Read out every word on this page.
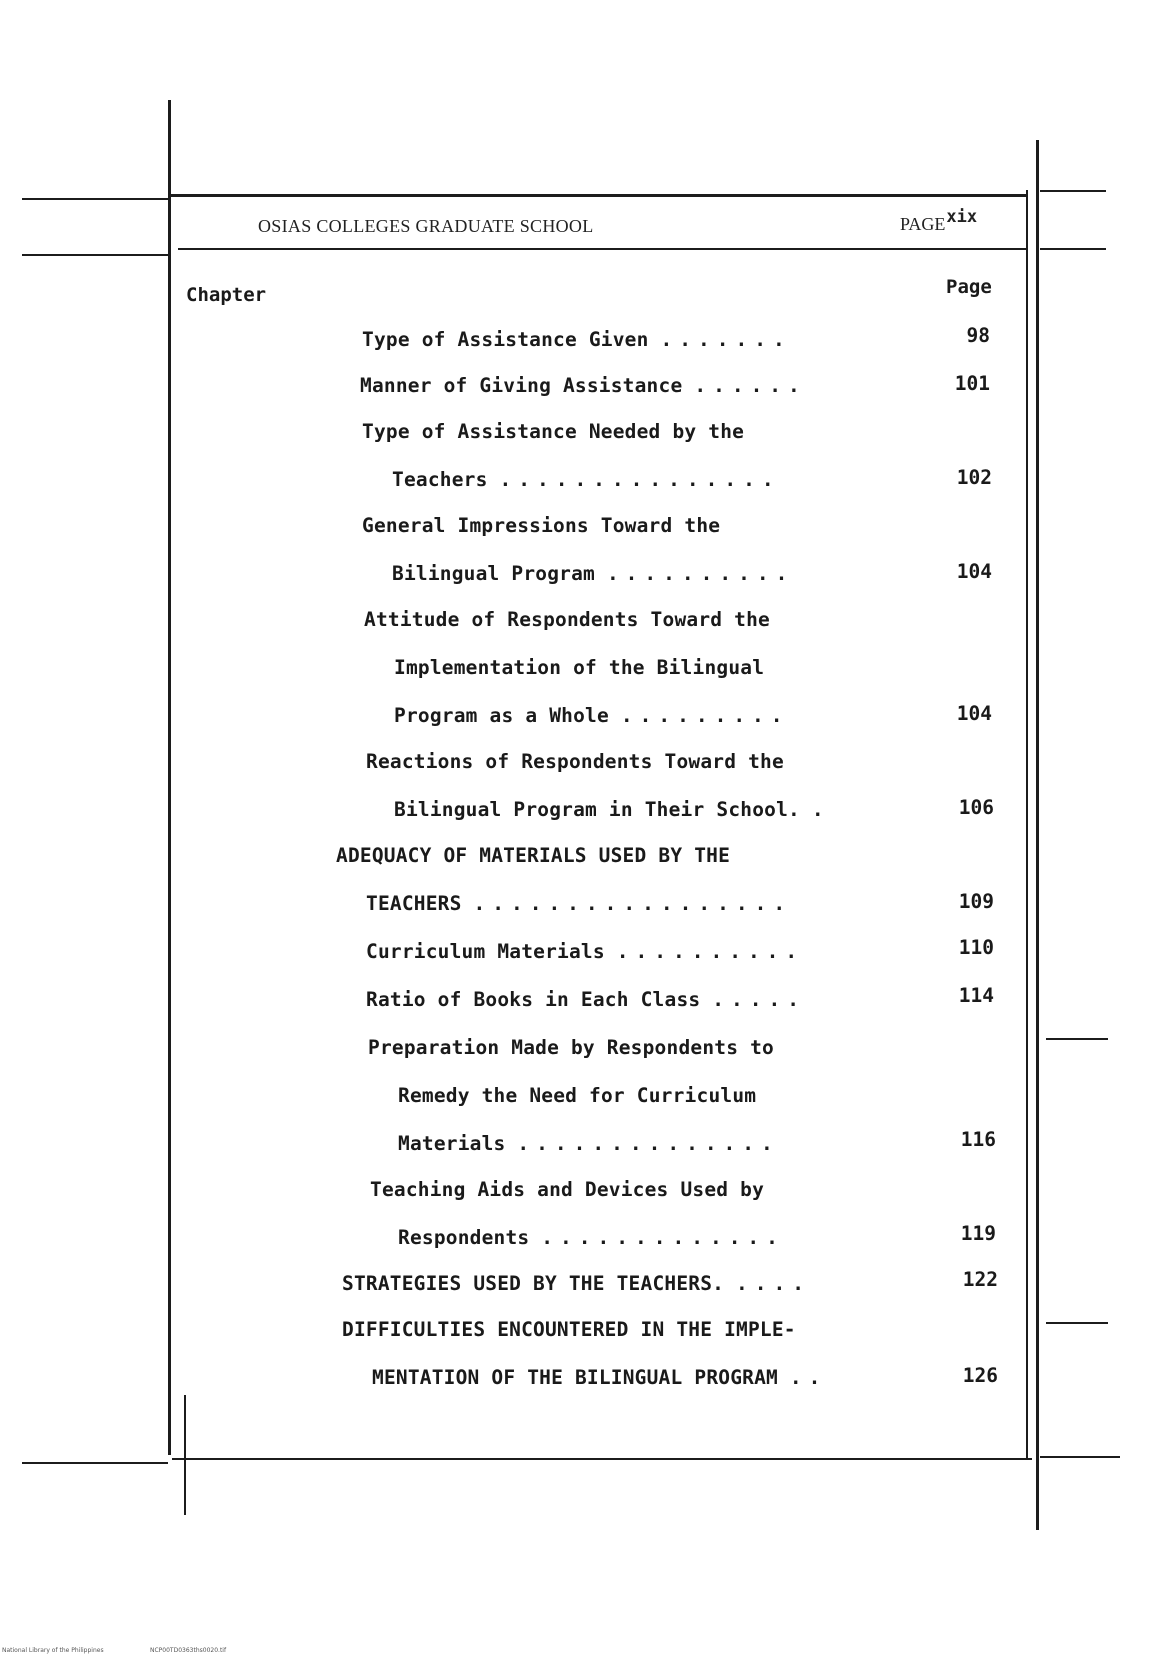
OSIAS COLLEGES GRADUATE SCHOOL	PAGExix
Chapter	Page
Type of Assistance Given .......	98
Manner of Giving Assistance ......	101
Type of Assistance Needed by the
Teachers ...............	102
General Impressions Toward the
Bilingual Program ..........	104
Attitude of Respondents Toward the
Implementation of the Bilingual
Program as a Whole .........	104
Reactions of Respondents Toward the
Bilingual Program in Their School. .	106
ADEQUACY OF MATERIALS USED BY THE
TEACHERS .................	109
Curriculum Materials ..........	110
Ratio of Books in Each Class .....	114
Preparation Made by Respondents to
Remedy the Need for Curriculum
Materials ..............	116
Teaching Aids and Devices Used by
Respondents .............	119
STRATEGIES USED BY THE TEACHERS. ....	122
DIFFICULTIES ENCOUNTERED IN THE IMPLE-
MENTATION OF THE BILINGUAL PROGRAM ..	126
National Library of the Philippines	NCP00TD0363ths0020.tif
